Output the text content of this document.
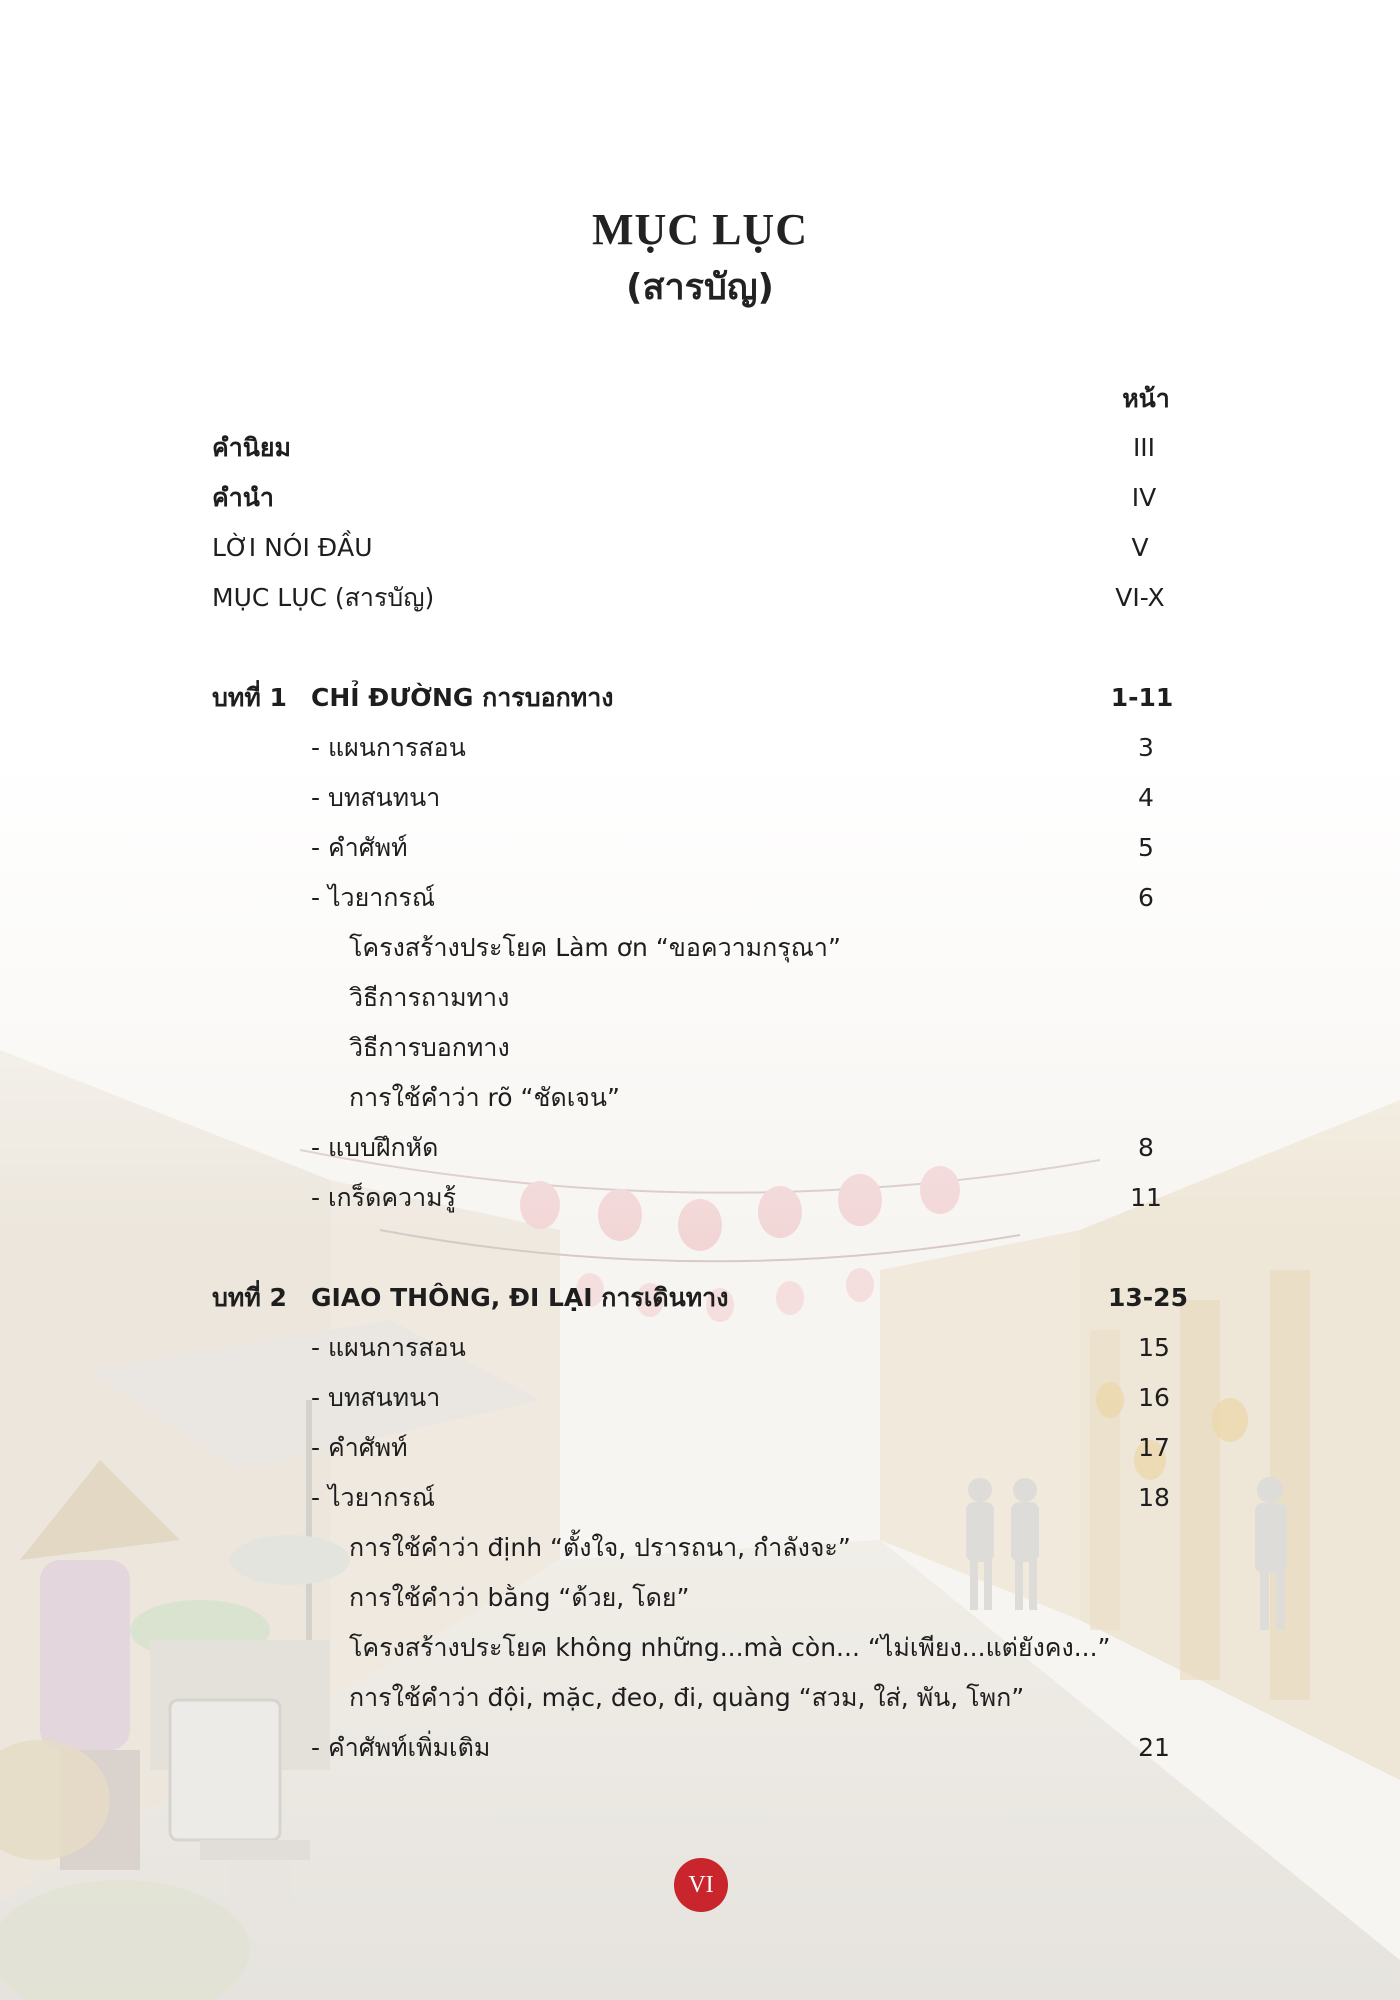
MỤC LỤC
(สารบัญ)
หน้า
คำนิยม	III
คำนำ	IV
LỜI NÓI ĐẦU	V
MỤC LỤC (สารบัญ)	VI-X
บทที่ 1 CHỈ ĐƯỜNG การบอกทาง	1-11
- แผนการสอน	3
- บทสนทนา	4
- คำศัพท์	5
- ไวยากรณ์	6
โครงสร้างประโยค Làm ơn “ขอความกรุณา”
วิธีการถามทาง
วิธีการบอกทาง
การใช้คำว่า rõ “ชัดเจน”
- แบบฝึกหัด	8
- เกร็ดความรู้	11
บทที่ 2 GIAO THÔNG, ĐI LẠI การเดินทาง	13-25
- แผนการสอน	15
- บทสนทนา	16
- คำศัพท์	17
- ไวยากรณ์	18
การใช้คำว่า định “ตั้งใจ, ปรารถนา, กำลังจะ”
การใช้คำว่า bằng “ด้วย, โดย”
โครงสร้างประโยค không những...mà còn... “ไม่เพียง...แต่ยังคง...”
การใช้คำว่า đội, mặc, đeo, đi, quàng “สวม, ใส่, พัน, โพก”
- คำศัพท์เพิ่มเติม	21
VI
